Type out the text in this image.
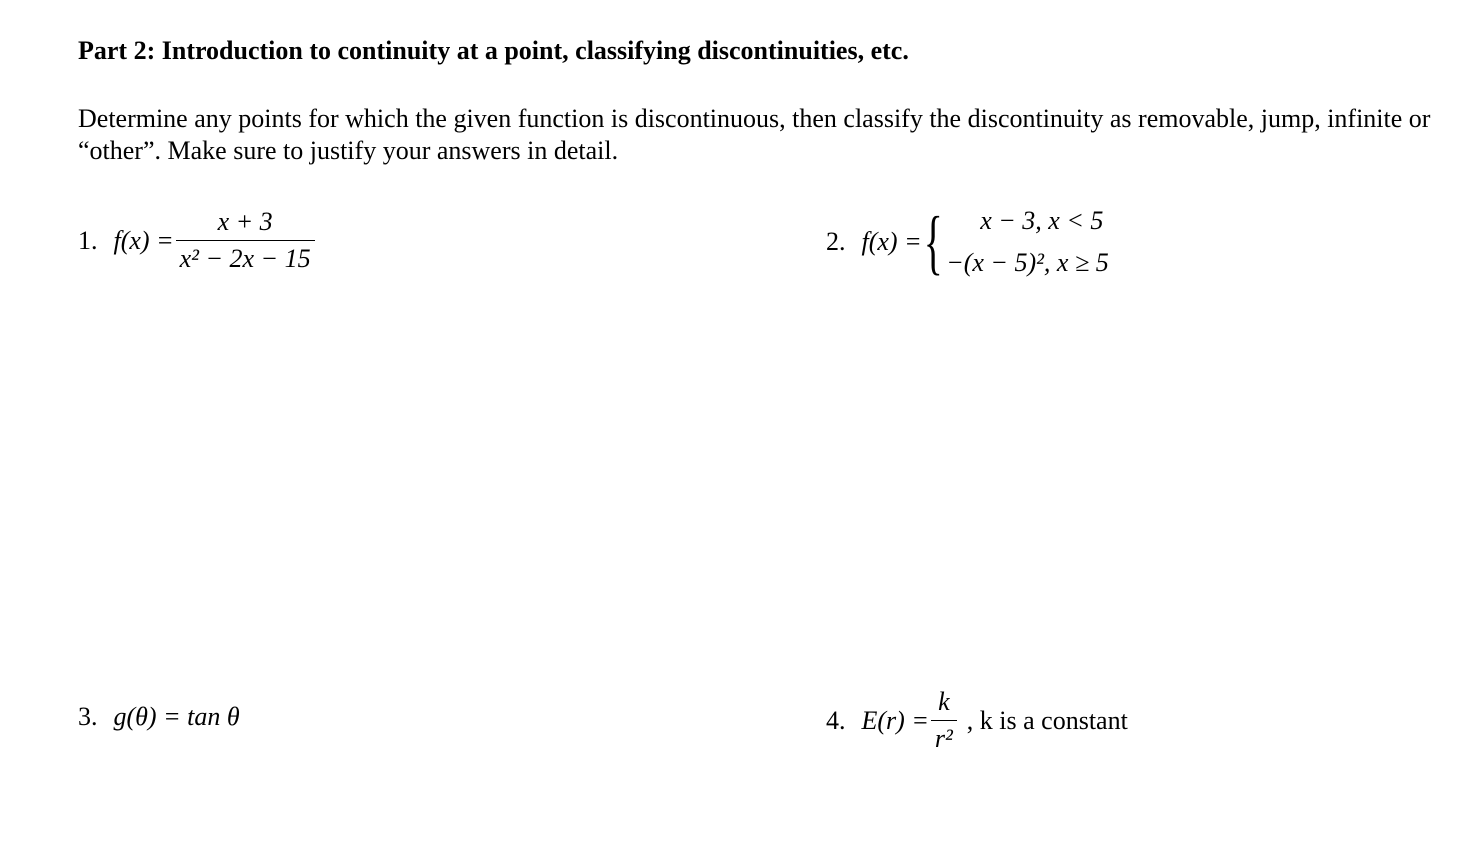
Part 2: Introduction to continuity at a point, classifying discontinuities, etc.
Determine any points for which the given function is discontinuous, then classify the discontinuity as removable, jump, infinite or “other”. Make sure to justify your answers in detail.
1. $f(x) = \frac{x + 3}{\text{x² − 2x − 15}}$	2. f(x) = {	x − 3, x < 5
−(x − 5)², x ≥ 5
3. g(θ) = tan θ	4. $E(r) = \frac{k}{\text{r²}}$ , k is a constant
